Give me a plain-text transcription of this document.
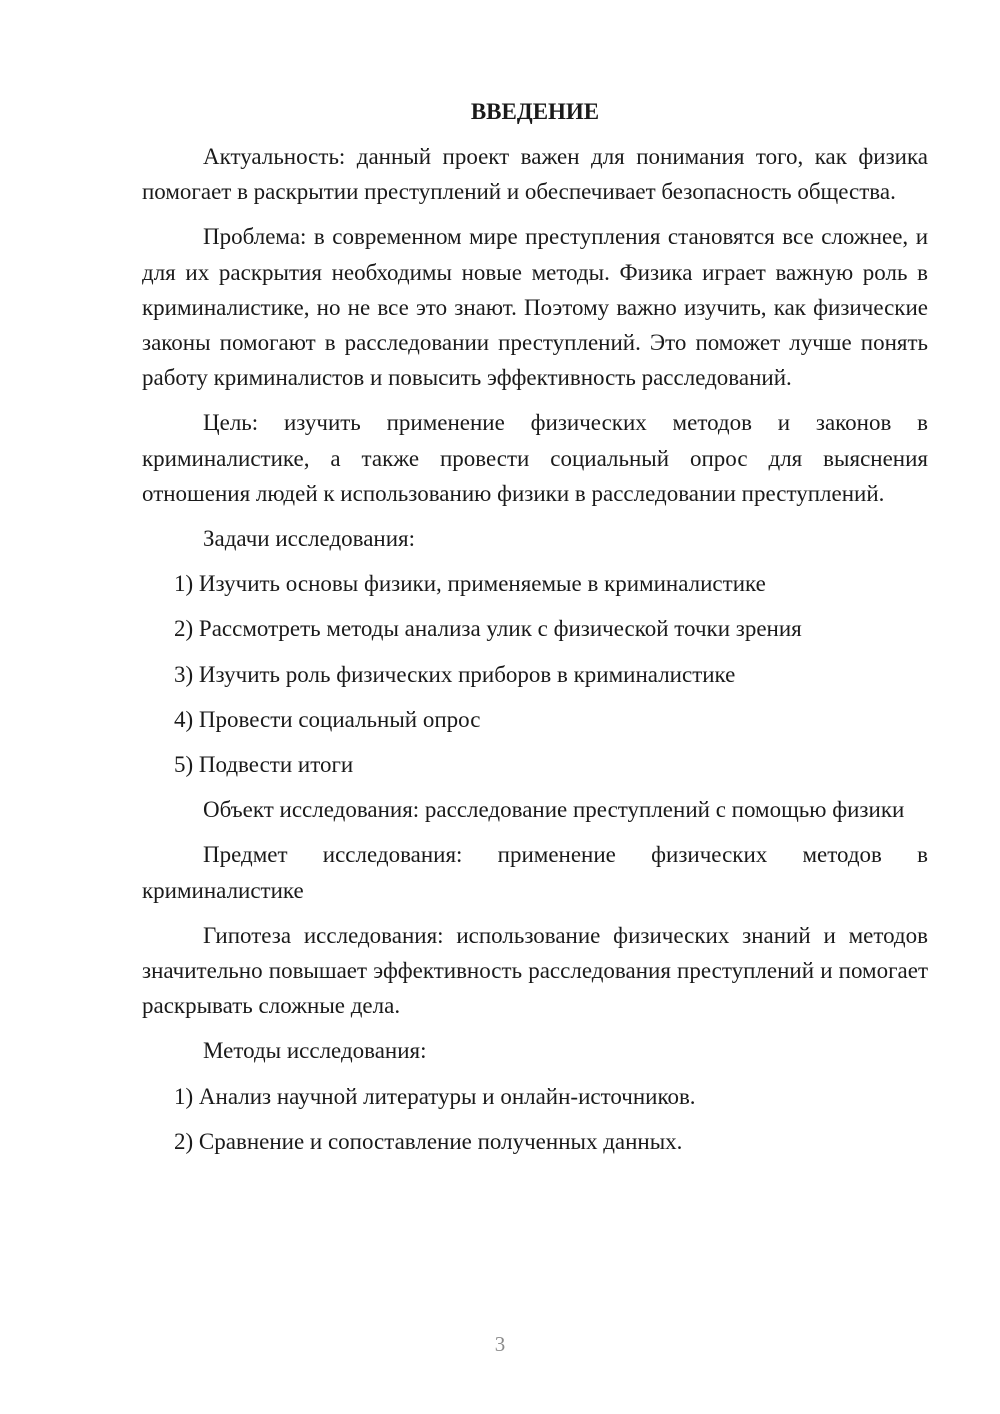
ВВЕДЕНИЕ

Актуальность: данный проект важен для понимания того, как физика помогает в раскрытии преступлений и обеспечивает безопасность общества.

Проблема: в современном мире преступления становятся все сложнее, и для их раскрытия необходимы новые методы. Физика играет важную роль в криминалистике, но не все это знают. Поэтому важно изучить, как физические законы помогают в расследовании преступлений. Это поможет лучше понять работу криминалистов и повысить эффективность расследований.

Цель: изучить применение физических методов и законов в криминалистике, а также провести социальный опрос для выяснения отношения людей к использованию физики в расследовании преступлений.

Задачи исследования:

1) Изучить основы физики, применяемые в криминалистике

2) Рассмотреть методы анализа улик с физической точки зрения

3) Изучить роль физических приборов в криминалистике

4) Провести социальный опрос

5) Подвести итоги

Объект исследования: расследование преступлений с помощью физики

Предмет исследования: применение физических методов в криминалистике

Гипотеза исследования: использование физических знаний и методов значительно повышает эффективность расследования преступлений и помогает раскрывать сложные дела.

Методы исследования:

1) Анализ научной литературы и онлайн-источников.

2) Сравнение и сопоставление полученных данных.

3
